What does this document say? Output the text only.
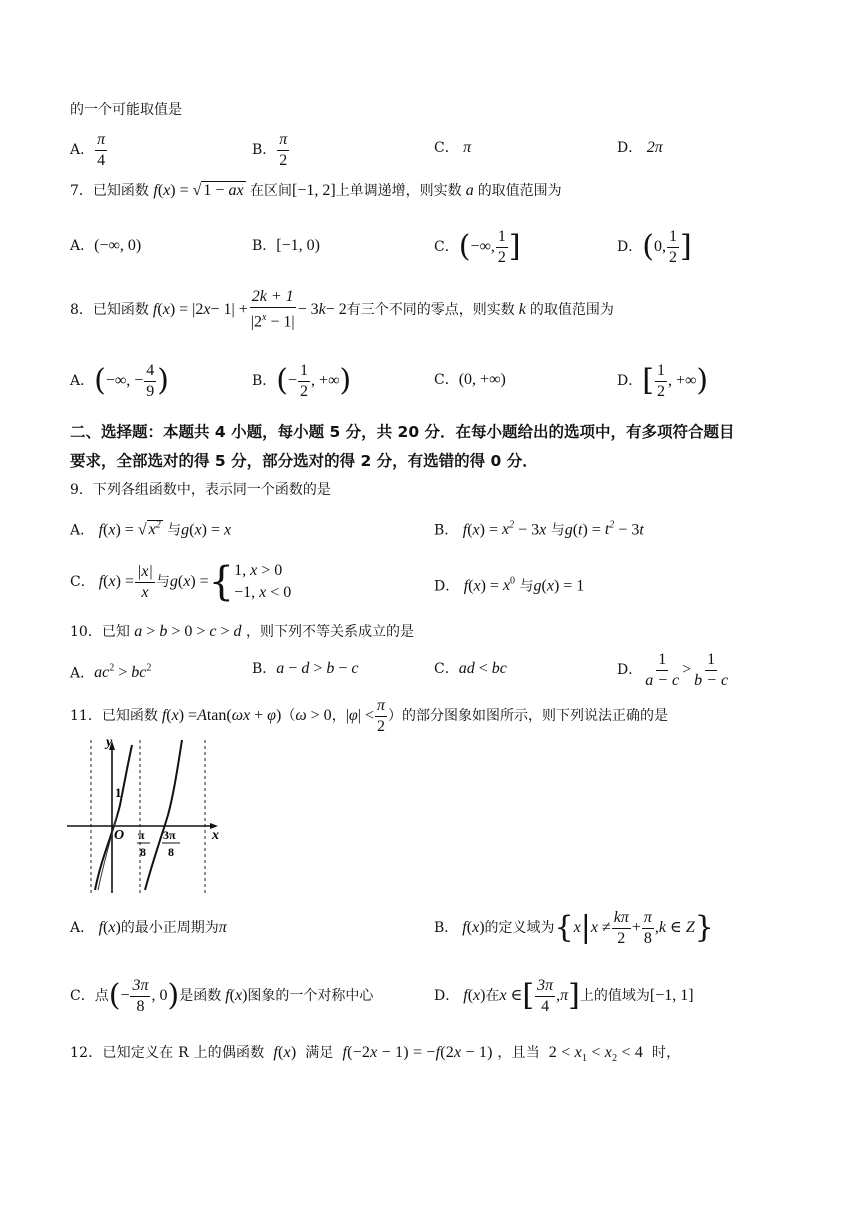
的一个可能取值是
A． $\frac{\pi}{4}$	B． $\frac{\pi}{2}$	C． π	D． 2π
7．已知函数 f(x) = √ 1 − ax 在区间[−1, 2]上单调递增，则实数 a 的取值范围为
A．(−∞, 0)	B．[−1, 0)	C． ( −∞, $\frac{1}{2}$ ]	D． ( 0, $\frac{1}{2}$ ]
8．已知函数 f ( x ) = |2 $x - 1| + \frac{2k + 1}{|2^x - 1|} - 3$ k − 2 有三个不同的零点，则实数 k 的取值范围为
A． ( −∞, − $\frac{4}{9}$ )	B． ( − $\frac{1}{2}$ , +∞ )	C．(0, +∞)	D． [ $\frac{1}{2}$ , +∞ )
二、选择题：本题共 4 小题，每小题 5 分，共 20 分．在每小题给出的选项中，有多项符合题目
要求，全部选对的得 5 分，部分选对的得 2 分，有选错的得 0 分．
9．下列各组函数中，表示同一个函数的是
A． f(x) = √ $x^2$ 与g(x) = x	B． $f(x) = x^2 - 3x$ 与$g(t) = t^2 - 3t$
C． f ( x ) = $\frac{|x|}{x}$ 与 g ( x ) = { 1, x > 0
−1, x < 0	D． $f(x) = x^0$ 与g(x) = 1
10．已知 a > b > 0 > c > d ，则下列不等关系成立的是
A．$ac^2 > bc^2$	B．a − d > b − c	C．ad < bc	D． $\frac{1}{a - c} > \frac{1}{b - c}$
11．已知函数 f ( x ) = A tan( ωx + φ ) （ ω > 0 ， | φ | < $\frac{\pi}{2}$ ）的部分图象如图所示，则下列说法正确的是
y
x
1
O π
8
3π
8
A． f(x)的最小正周期为π	B． f ( x ) 的定义域为 { x | $x \ne \frac{k\pi}{2} + \frac{\pi}{8}$ , k ∈ Z }
C．点 ( − $\frac{3\pi}{8}$ , 0 ) 是函数 f ( x ) 图象的一个对称中心	D． f ( x ) 在 x ∈ [ $\frac{3\pi}{4}$ , π ] 上的值域为 [−1, 1]
12．已知定义在 R 上的偶函数  f(x)  满足  f(−2x − 1) = −f(2x − 1) ，且当  $2 < x_1 < x_2 < 4$  时，
